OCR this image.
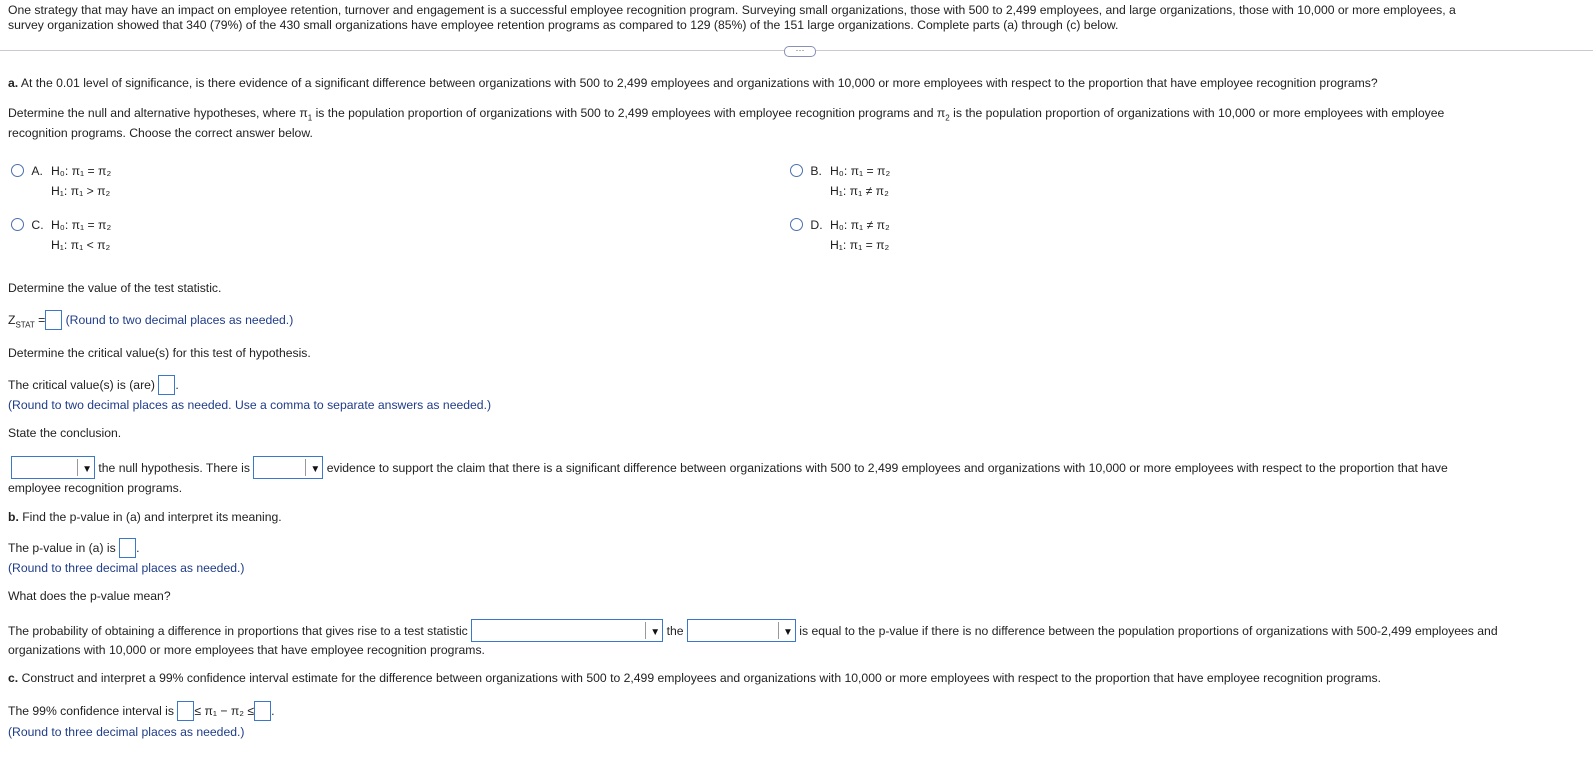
One strategy that may have an impact on employee retention, turnover and engagement is a successful employee recognition program. Surveying small organizations, those with 500 to 2,499 employees, and large organizations, those with 10,000 or more employees, a
survey organization showed that 340 (79%) of the 430 small organizations have employee retention programs as compared to 129 (85%) of the 151 large organizations. Complete parts (a) through (c) below.
···
a. At the 0.01 level of significance, is there evidence of a significant difference between organizations with 500 to 2,499 employees and organizations with 10,000 or more employees with respect to the proportion that have employee recognition programs?
Determine the null and alternative hypotheses, where $\pi_1$ is the population proportion of organizations with 500 to 2,499 employees with employee recognition programs and $\pi_2$ is the population proportion of organizations with 10,000 or more employees with employee
recognition programs. Choose the correct answer below.
A. H₀: π₁ = π₂
H₁: π₁ > π₂
B. H₀: π₁ = π₂
H₁: π₁ ≠ π₂
C. H₀: π₁ = π₂
H₁: π₁ < π₂
D. H₀: π₁ ≠ π₂
H₁: π₁ = π₂
Determine the value of the test statistic.
$Z_{STAT}$ = (Round to two decimal places as needed.)
Determine the critical value(s) for this test of hypothesis.
The critical value(s) is (are) .
(Round to two decimal places as needed. Use a comma to separate answers as needed.)
State the conclusion.
▼ the null hypothesis. There is	▼ evidence to support the claim that there is a significant difference between organizations with 500 to 2,499 employees and organizations with 10,000 or more employees with respect to the proportion that have
employee recognition programs.
b. Find the p-value in (a) and interpret its meaning.
The p-value in (a) is .
(Round to three decimal places as needed.)
What does the p-value mean?
The probability of obtaining a difference in proportions that gives rise to a test statistic	▼ the	▼ is equal to the p-value if there is no difference between the population proportions of organizations with 500-2,499 employees and
organizations with 10,000 or more employees that have employee recognition programs.
c. Construct and interpret a 99% confidence interval estimate for the difference between organizations with 500 to 2,499 employees and organizations with 10,000 or more employees with respect to the proportion that have employee recognition programs.
The 99% confidence interval is ≤ π₁ − π₂ ≤ .
(Round to three decimal places as needed.)
